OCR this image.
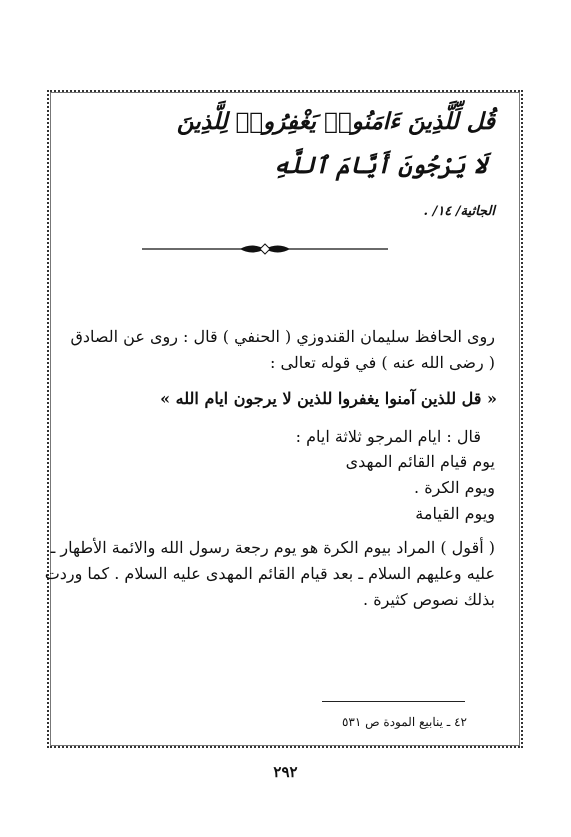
قُل لِّلَّذِينَ ءَامَنُوا۟ يَغْفِرُوا۟ لِلَّذِينَ
لَا يَرْجُونَ أَيَّامَ ٱللَّهِ
الجاثية/ ١٤/ .
روى الحافظ سليمان القندوزي ( الحنفي ) قال : روى عن الصادق
( رضى الله عنه ) في قوله تعالى :
« قل للذين آمنوا يغفروا للذين لا يرجون ايام الله »
قال : ايام المرجو ثلاثة ايام :
يوم قيام القائم المهدى
ويوم الكرة .
ويوم القيامة
( أقول ) المراد بيوم الكرة هو يوم رجعة رسول الله والائمة الأطهار ـ
عليه وعليهم السلام ـ بعد قيام القائم المهدى عليه السلام . كما وردت
بذلك نصوص كثيرة .
٤٢ ـ ينابيع المودة ص ٥٣١
٢٩٢
